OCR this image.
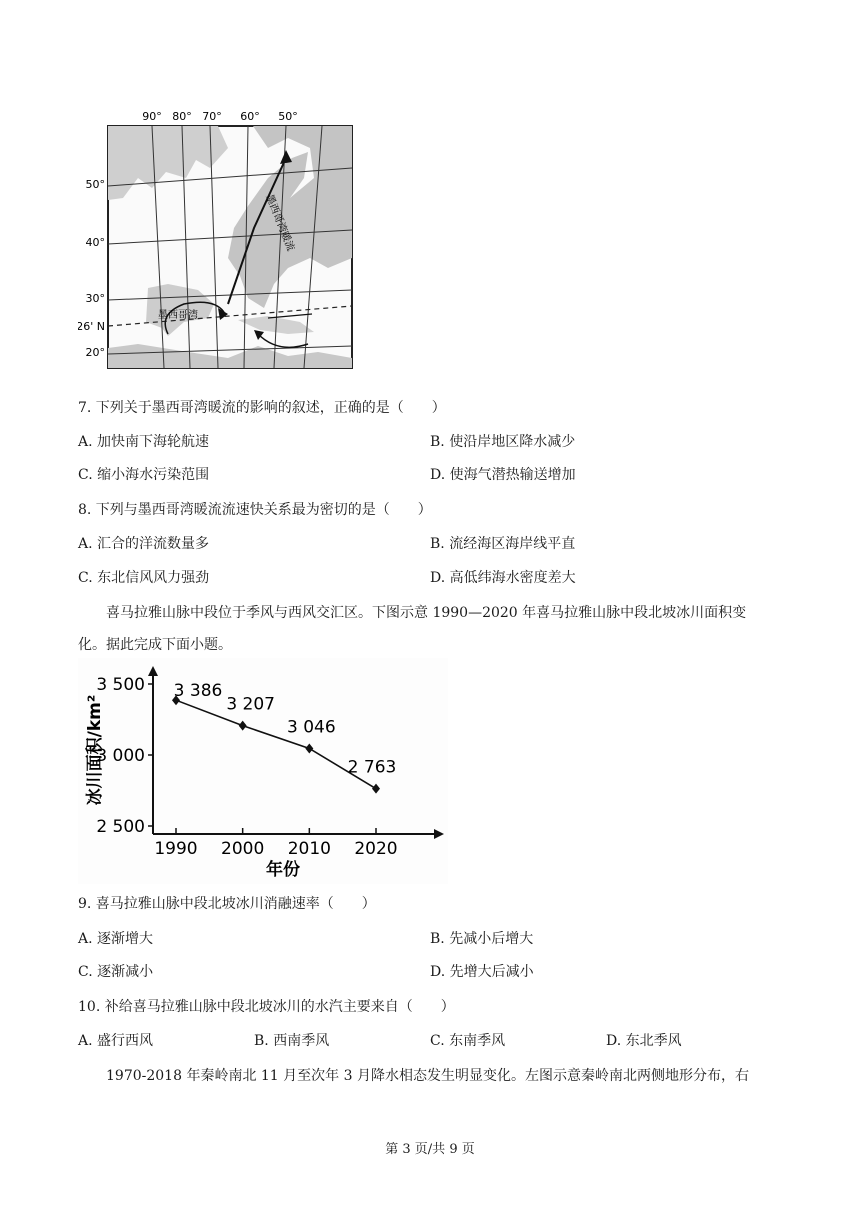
90° 80° 70° 60° 50°
50°
40°
30°
26' N
20°
墨西哥湾暖流
墨西哥湾
7. 下列关于墨西哥湾暖流的影响的叙述，正确的是（　　）
A. 加快南下海轮航速	B. 使沿岸地区降水减少
C. 缩小海水污染范围	D. 使海气潜热输送增加
8. 下列与墨西哥湾暖流流速快关系最为密切的是（　　）
A. 汇合的洋流数量多	B. 流经海区海岸线平直
C. 东北信风风力强劲	D. 高低纬海水密度差大
喜马拉雅山脉中段位于季风与西风交汇区。下图示意 1990—2020 年喜马拉雅山脉中段北坡冰川面积变
化。据此完成下面小题。
3 500
3 000
2 500
1990 2000 2010 2020
3 386
3 207
3 046
2 763
冰川面积/km²
年份
9. 喜马拉雅山脉中段北坡冰川消融速率（　　）
A. 逐渐增大	B. 先减小后增大
C. 逐渐减小	D. 先增大后减小
10. 补给喜马拉雅山脉中段北坡冰川的水汽主要来自（　　）
A. 盛行西风	B. 西南季风	C. 东南季风	D. 东北季风
1970-2018 年秦岭南北 11 月至次年 3 月降水相态发生明显变化。左图示意秦岭南北两侧地形分布，右
第 3 页/共 9 页
